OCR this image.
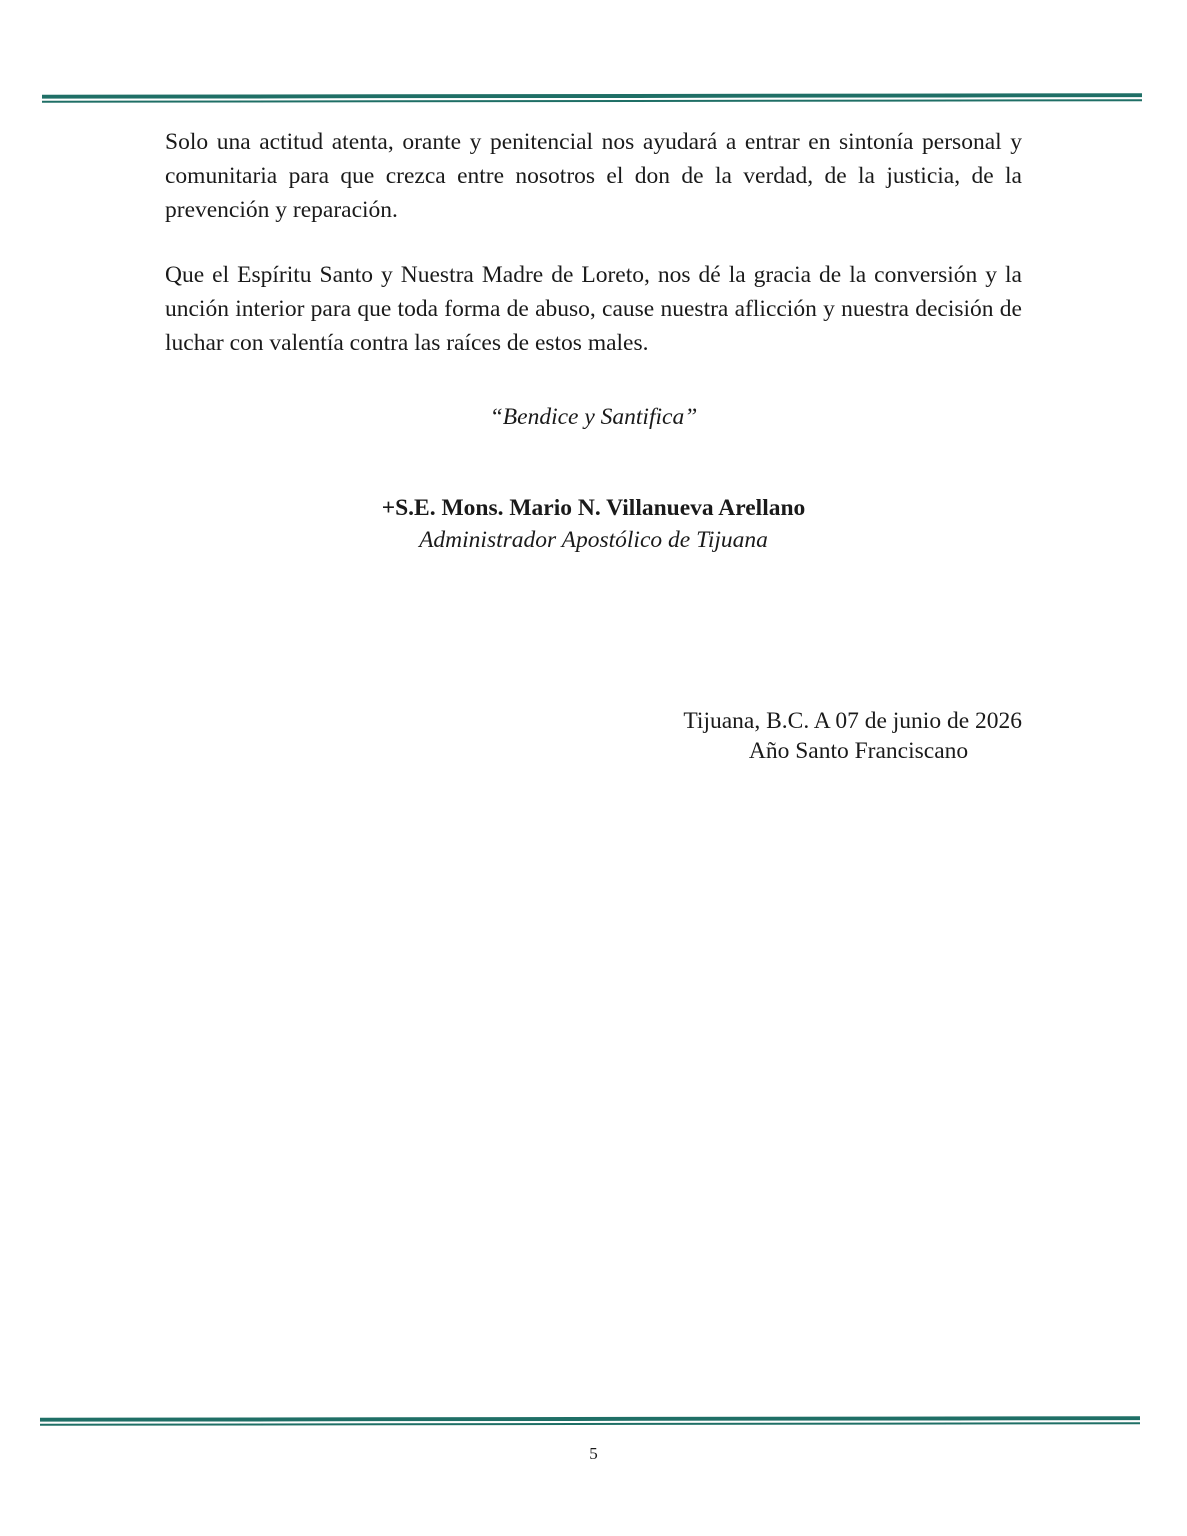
Solo una actitud atenta, orante y penitencial nos ayudará a entrar en sintonía personal y comunitaria para que crezca entre nosotros el don de la verdad, de la justicia, de la prevención y reparación.

Que el Espíritu Santo y Nuestra Madre de Loreto, nos dé la gracia de la conversión y la unción interior para que toda forma de abuso, cause nuestra aflicción y nuestra decisión de luchar con valentía contra las raíces de estos males.

“Bendice y Santifica”
+S.E. Mons. Mario N. Villanueva Arellano
Administrador Apostólico de Tijuana
Tijuana, B.C. A 07 de junio de 2026
Año Santo Franciscano
5
